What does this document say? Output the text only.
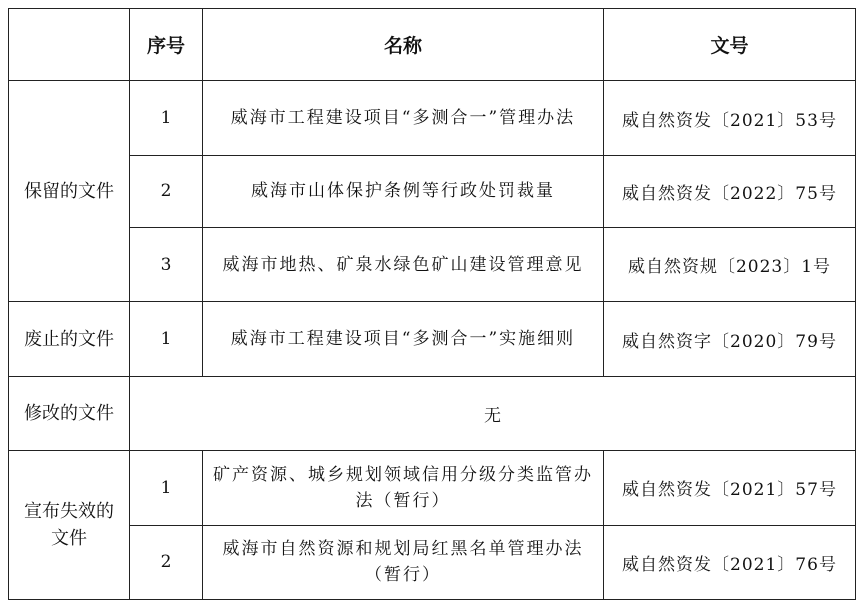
	序号	名称	文号
保留的文件	1	威海市工程建设项目“多测合一”管理办法	威自然资发〔2021〕53号
	2	威海市山体保护条例等行政处罚裁量	威自然资发〔2022〕75号
	3	威海市地热、矿泉水绿色矿山建设管理意见	威自然资规〔2023〕1号
废止的文件	1	威海市工程建设项目“多测合一”实施细则	威自然资字〔2020〕79号
修改的文件	无		
宣布失效的文件	1	矿产资源、城乡规划领域信用分级分类监管办法（暂行）	威自然资发〔2021〕57号
	2	威海市自然资源和规划局红黑名单管理办法（暂行）	威自然资发〔2021〕76号
